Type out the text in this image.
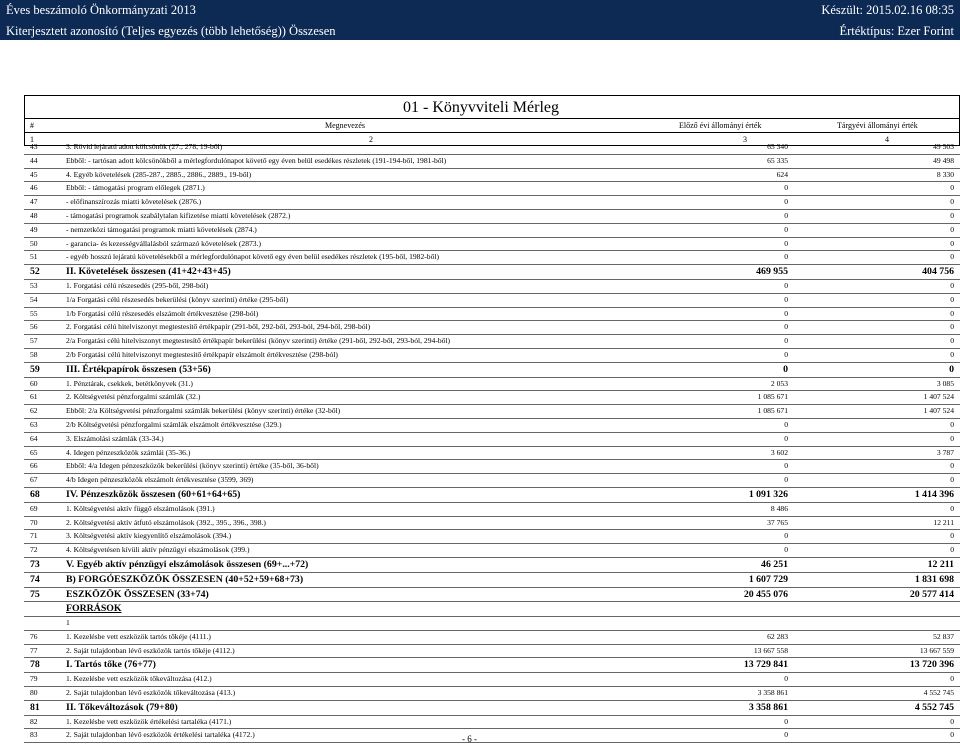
Éves beszámoló Önkormányzati 2013
Kiterjesztett azonosító (Teljes egyezés (több lehetőség)) Összesen
Készült: 2015.02.16 08:35
Értéktípus: Ezer Forint
01 - Könyvviteli Mérleg
#	Megnevezés	Előző évi állományi érték	Tárgyévi állományi érték
1	2	3	4
43	3. Rövid lejáratú adott kölcsönök (27., 278, 19-ből)	65 340	49 503
44	Ebből: - tartósan adott kölcsönökből a mérlegfordulónapot követő egy éven belül esedékes részletek (191-194-ből, 1981-ből)	65 335	49 498
45	4. Egyéb követelések (285-287., 2885., 2886., 2889., 19-ből)	624	8 330
46	Ebből: - támogatási program előlegek (2871.)	0	0
47	- előfinanszírozás miatti követelések (2876.)	0	0
48	- támogatási programok szabálytalan kifizetése miatti követelések (2872.)	0	0
49	- nemzetközi támogatási programok miatti követelések (2874.)	0	0
50	- garancia- és kezességvállalásból származó követelések (2873.)	0	0
51	- egyéb hosszú lejáratú követelésekből a mérlegfordulónapot követő egy éven belül esedékes részletek (195-ből, 1982-ből)	0	0
52	II. Követelések összesen (41+42+43+45)	469 955	404 756
53	1. Forgatási célú részesedés (295-ből, 298-ból)	0	0
54	1/a Forgatási célú részesedés bekerülési (könyv szerinti) értéke (295-ből)	0	0
55	1/b Forgatási célú részesedés elszámolt értékvesztése (298-ból)	0	0
56	2. Forgatási célú hitelviszonyt megtestesítő értékpapír (291-ből, 292-ből, 293-ból, 294-ből, 298-ból)	0	0
57	2/a Forgatási célú hitelviszonyt megtestesítő értékpapír bekerülési (könyv szerinti) értéke (291-ből, 292-ből, 293-ból, 294-ből)	0	0
58	2/b Forgatási célú hitelviszonyt megtestesítő értékpapír elszámolt értékvesztése (298-ból)	0	0
59	III. Értékpapírok összesen (53+56)	0	0
60	1. Pénztárak, csekkek, betétkönyvek (31.)	2 053	3 085
61	2. Költségvetési pénzforgalmi számlák (32.)	1 085 671	1 407 524
62	Ebből: 2/a Költségvetési pénzforgalmi számlák bekerülési (könyv szerinti) értéke (32-ből)	1 085 671	1 407 524
63	2/b Költségvetési pénzforgalmi számlák elszámolt értékvesztése (329.)	0	0
64	3. Elszámolási számlák (33-34.)	0	0
65	4. Idegen pénzeszközök számlái (35-36.)	3 602	3 787
66	Ebből: 4/a Idegen pénzeszközök bekerülési (könyv szerinti) értéke (35-ből, 36-ből)	0	0
67	4/b Idegen pénzeszközök elszámolt értékvesztése (3599, 369)	0	0
68	IV. Pénzeszközök összesen (60+61+64+65)	1 091 326	1 414 396
69	1. Költségvetési aktív függő elszámolások (391.)	8 486	0
70	2. Költségvetési aktív átfutó elszámolások (392., 395., 396., 398.)	37 765	12 211
71	3. Költségvetési aktív kiegyenlítő elszámolások (394.)	0	0
72	4. Költségvetésen kívüli aktív pénzügyi elszámolások (399.)	0	0
73	V. Egyéb aktív pénzügyi elszámolások összesen (69+...+72)	46 251	12 211
74	B) FORGÓESZKÖZÖK ÖSSZESEN (40+52+59+68+73)	1 607 729	1 831 698
75	ESZKÖZÖK ÖSSZESEN (33+74)	20 455 076	20 577 414
FORRÁSOK
1
76	1. Kezelésbe vett eszközök tartós tőkéje (4111.)	62 283	52 837
77	2. Saját tulajdonban lévő eszközök tartós tőkéje (4112.)	13 667 558	13 667 559
78	I. Tartós tőke (76+77)	13 729 841	13 720 396
79	1. Kezelésbe vett eszközök tőkeváltozása (412.)	0	0
80	2. Saját tulajdonban lévő eszközök tőkeváltozása (413.)	3 358 861	4 552 745
81	II. Tőkeváltozások (79+80)	3 358 861	4 552 745
82	1. Kezelésbe vett eszközök értékelési tartaléka (4171.)	0	0
83	2. Saját tulajdonban lévő eszközök értékelési tartaléka (4172.)	0	0
- 6 -
